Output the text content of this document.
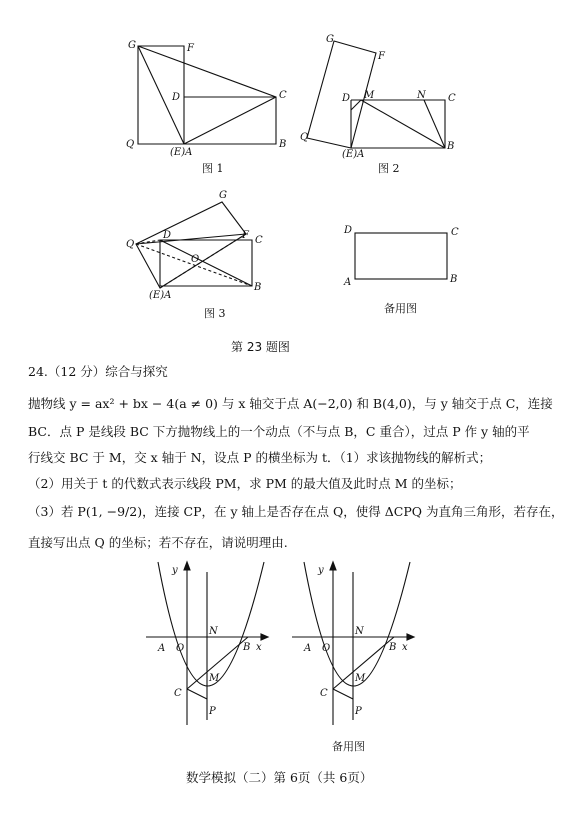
G	F
D	C
Q
(E)A
B
图 1
G
F
D M	N C
Q
(E)A
B
图 2
G
Q
D	F C
O
(E)A
B
图 3
D	C
A	B
备用图
第 23 题图
24.（12 分）综合与探究
抛物线 y = ax² + bx − 4(a ≠ 0) 与 x 轴交于点 A(−2,0) 和 B(4,0)，与 y 轴交于点 C，连接
BC．点 P 是线段 BC 下方抛物线上的一个动点（不与点 B，C 重合），过点 P 作 y 轴的平
行线交 BC 于 M，交 x 轴于 N，设点 P 的横坐标为 t．（1）求该抛物线的解析式；
（2）用关于 t 的代数式表示线段 PM，求 PM 的最大值及此时点 M 的坐标；
（3）若 P(1, −9/2)，连接 CP，在 y 轴上是否存在点 Q，使得 ΔCPQ 为直角三角形，若存在，
直接写出点 Q 的坐标；若不存在，请说明理由.
y
x
O
A	B
N
C
M
P
y
x
O
A	B
N
C
M
P
备用图
数学模拟（二）第 6页（共 6页）
